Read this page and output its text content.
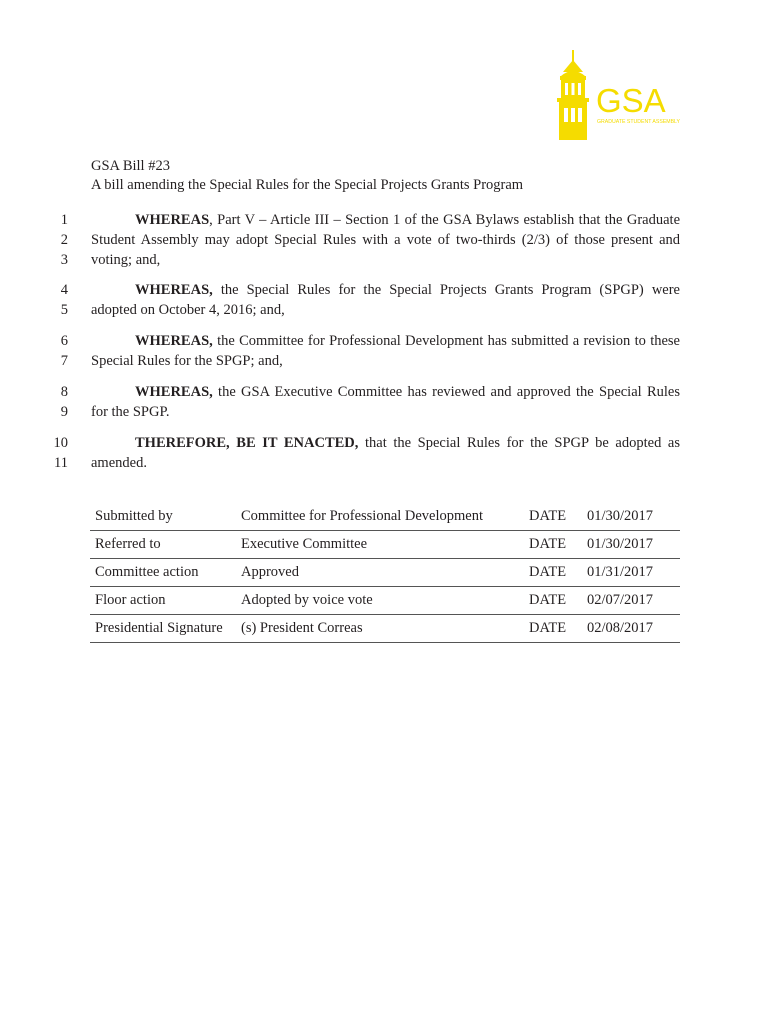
GSA
GRADUATE STUDENT ASSEMBLY
GSA Bill #23
A bill amending the Special Rules for the Special Projects Grants Program
1
2
3
WHEREAS, Part V – Article III – Section 1 of the GSA Bylaws establish that the Graduate Student Assembly may adopt Special Rules with a vote of two-thirds (2/3) of those present and voting; and,
4
5
WHEREAS, the Special Rules for the Special Projects Grants Program (SPGP) were adopted on October 4, 2016; and,
6
7
WHEREAS, the Committee for Professional Development has submitted a revision to these Special Rules for the SPGP; and,
8
9
WHEREAS, the GSA Executive Committee has reviewed and approved the Special Rules for the SPGP.
10
11
THEREFORE, BE IT ENACTED, that the Special Rules for the SPGP be adopted as amended.
Submitted by	Committee for Professional Development	DATE	01/30/2017
Referred to	Executive Committee	DATE	01/30/2017
Committee action	Approved	DATE	01/31/2017
Floor action	Adopted by voice vote	DATE	02/07/2017
Presidential Signature	(s) President Correas	DATE	02/08/2017
